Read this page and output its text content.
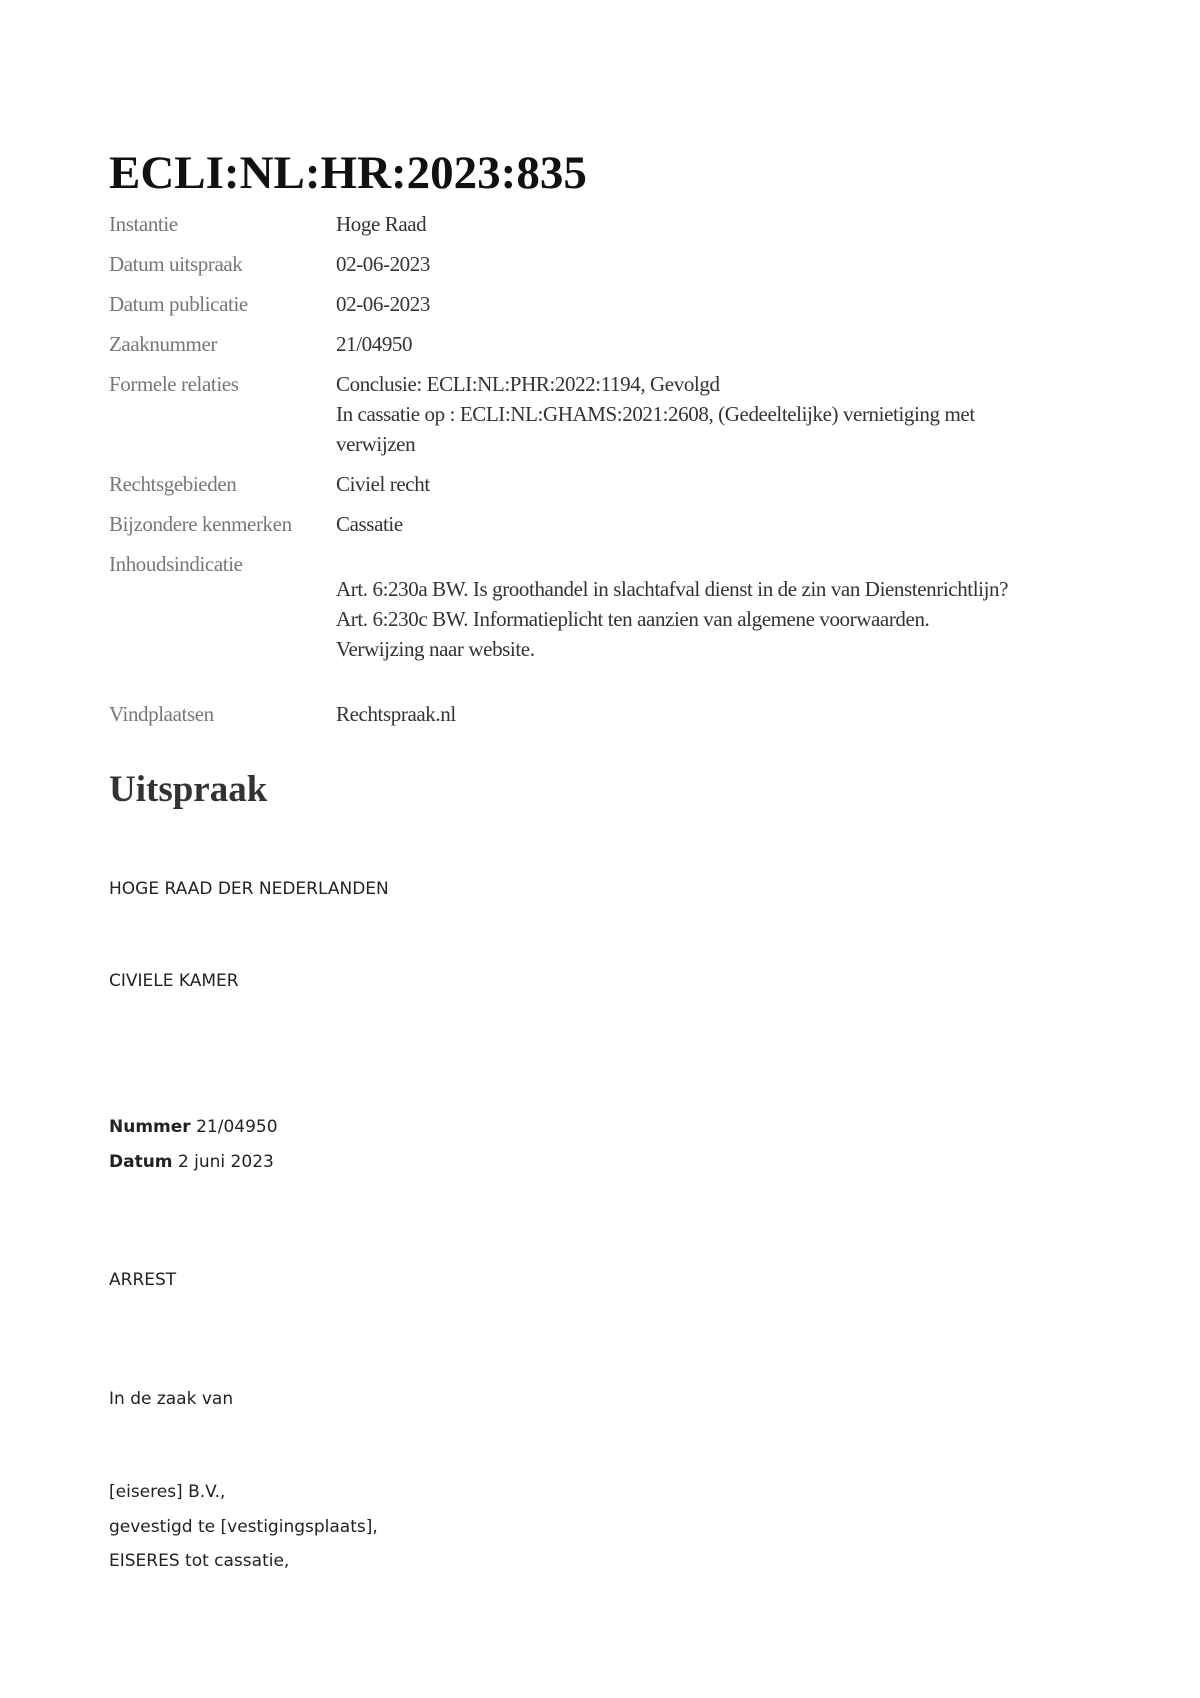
ECLI:NL:HR:2023:835
Instantie	Hoge Raad
Datum uitspraak	02-06-2023
Datum publicatie	02-06-2023
Zaaknummer	21/04950
Formele relaties	Conclusie: ECLI:NL:PHR:2022:1194, Gevolgd
In cassatie op : ECLI:NL:GHAMS:2021:2608, (Gedeeltelijke) vernietiging met
verwijzen
Rechtsgebieden	Civiel recht
Bijzondere kenmerken Cassatie
Inhoudsindicatie
Art. 6:230a BW. Is groothandel in slachtafval dienst in de zin van Dienstenrichtlijn?
Art. 6:230c BW. Informatieplicht ten aanzien van algemene voorwaarden.
Verwijzing naar website.
Vindplaatsen	Rechtspraak.nl
Uitspraak

HOGE RAAD DER NEDERLANDEN

CIVIELE KAMER

Nummer 21/04950

Datum 2 juni 2023

ARREST

In de zaak van

[eiseres] B.V.,

gevestigd te [vestigingsplaats],

EISERES tot cassatie,
